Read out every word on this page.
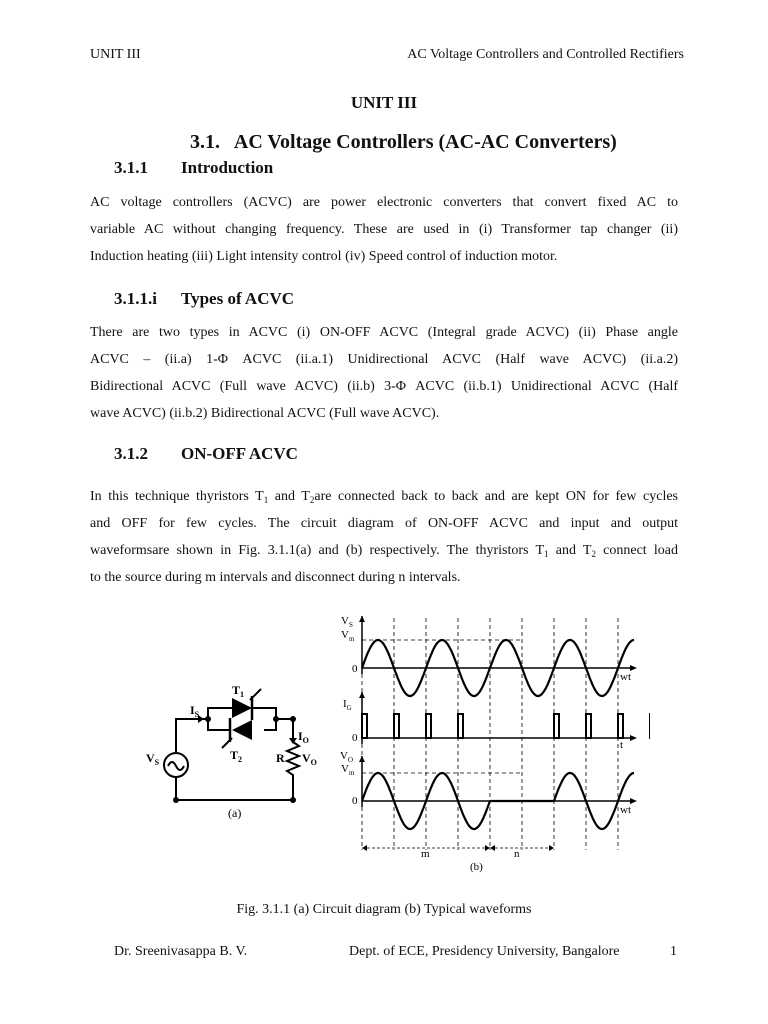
UNIT III	AC Voltage Controllers and Controlled Rectifiers
UNIT III
3.1. AC Voltage Controllers (AC-AC Converters)
3.1.1 Introduction
AC voltage controllers (ACVC) are power electronic converters that convert fixed AC to
variable AC without changing frequency. These are used in (i) Transformer tap changer (ii)
Induction heating (iii) Light intensity control (iv) Speed control of induction motor.
3.1.1.i Types of ACVC
There are two types in ACVC (i) ON-OFF ACVC (Integral grade ACVC) (ii) Phase angle
ACVC – (ii.a) 1-Φ ACVC (ii.a.1) Unidirectional ACVC (Half wave ACVC) (ii.a.2)
Bidirectional ACVC (Full wave ACVC) (ii.b) 3-Φ ACVC (ii.b.1) Unidirectional ACVC (Half
wave ACVC) (ii.b.2) Bidirectional ACVC (Full wave ACVC).
3.1.2 ON-OFF ACVC
In this technique thyristors $T_1$ and $T_2are$ connected back to back and are kept ON for few cycles
and OFF for few cycles. The circuit diagram of ON-OFF ACVC and input and output
waveformsare shown in Fig. 3.1.1(a) and (b) respectively. The thyristors $T_1$ and $T_2$ connect load
to the source during m intervals and disconnect during n intervals.
$T_1$
$T_2$
$I_S$
$I_O$
$V_S$	R $V_O$
(a)
$V_S$
$V_m$
0
wt
$I_G$
0
t
$V_O$
$V_m$
0
wt
m	n
(b)
Fig. 3.1.1 (a) Circuit diagram (b) Typical waveforms
Dr. Sreenivasappa B. V.	Dept. of ECE, Presidency University, Bangalore	1
